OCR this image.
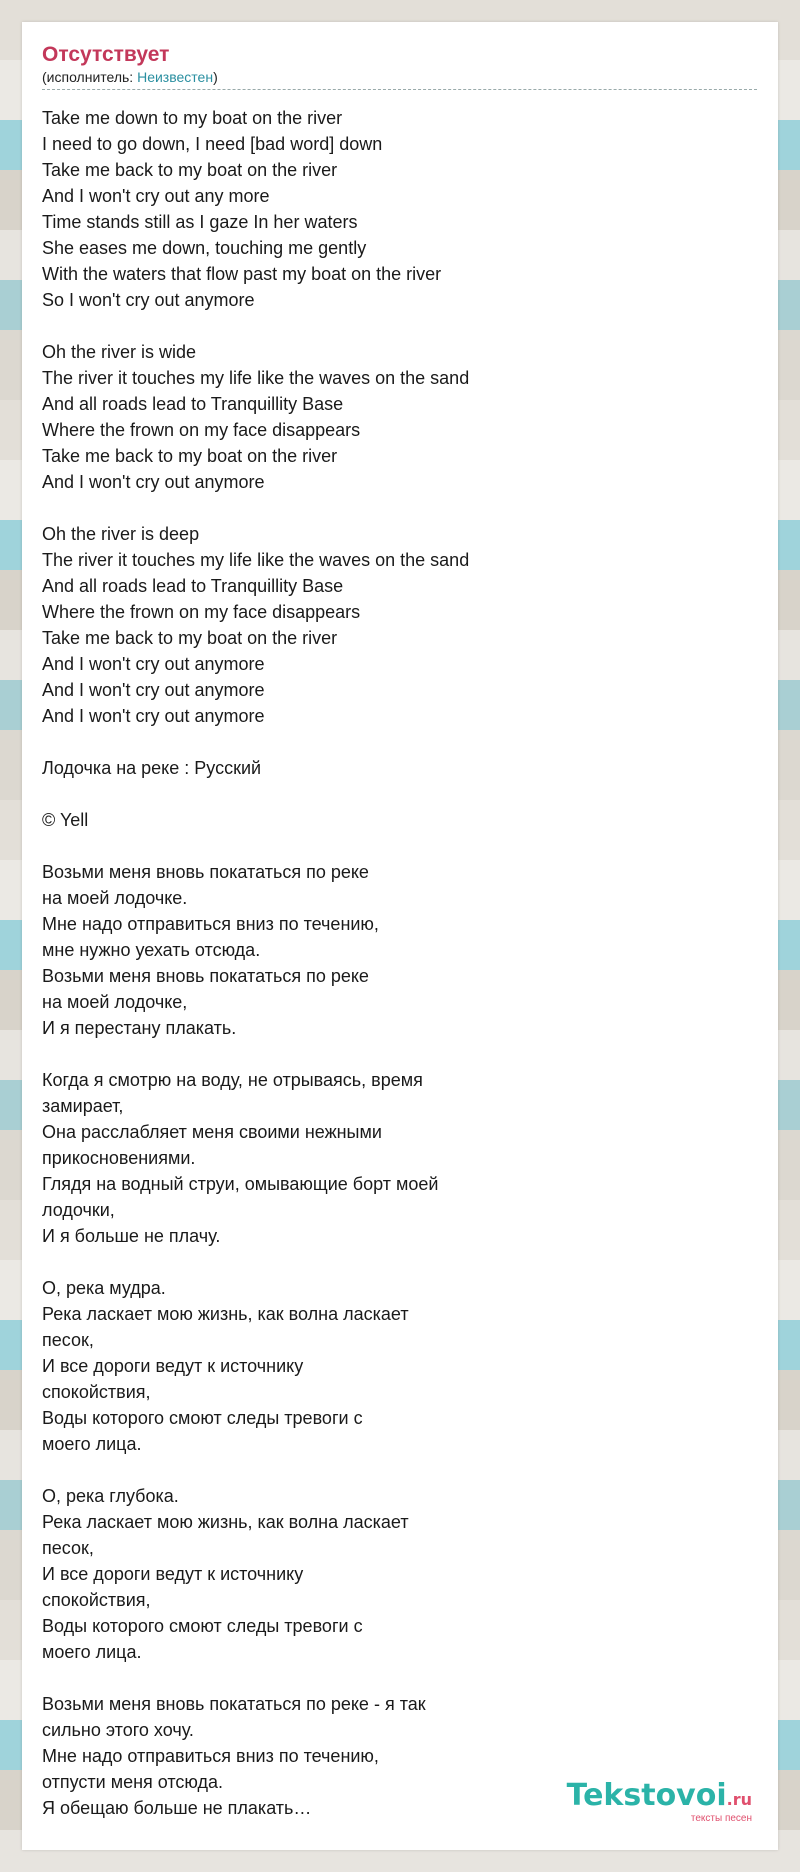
Отсутствует
(исполнитель: Неизвестен)
Take me down to my boat on the river
I need to go down, I need [bad word] down
Take me back to my boat on the river
And I won't cry out any more
Time stands still as I gaze In her waters
She eases me down, touching me gently
With the waters that flow past my boat on the river
So I won't cry out anymore
Oh the river is wide
The river it touches my life like the waves on the sand
And all roads lead to Tranquillity Base
Where the frown on my face disappears
Take me back to my boat on the river
And I won't cry out anymore
Oh the river is deep
The river it touches my life like the waves on the sand
And all roads lead to Tranquillity Base
Where the frown on my face disappears
Take me back to my boat on the river
And I won't cry out anymore
And I won't cry out anymore
And I won't cry out anymore
Лодочка на реке : Русский
© Yell
Возьми меня вновь покататься по реке
на моей лодочке.
Мне надо отправиться вниз по течению,
мне нужно уехать отсюда.
Возьми меня вновь покататься по реке
на моей лодочке,
И я перестану плакать.
Когда я смотрю на воду, не отрываясь, время
замирает,
Она расслабляет меня своими нежными
прикосновениями.
Глядя на водный струи, омывающие борт моей
лодочки,
И я больше не плачу.
О, река мудра.
Река ласкает мою жизнь, как волна ласкает
песок,
И все дороги ведут к источнику
спокойствия,
Воды которого смоют следы тревоги с
моего лица.
О, река глубока.
Река ласкает мою жизнь, как волна ласкает
песок,
И все дороги ведут к источнику
спокойствия,
Воды которого смоют следы тревоги с
моего лица.
Возьми меня вновь покататься по реке - я так
сильно этого хочу.
Мне надо отправиться вниз по течению,
отпусти меня отсюда.
Я обещаю больше не плакать…	Tekstovoi.ru
тексты песен
